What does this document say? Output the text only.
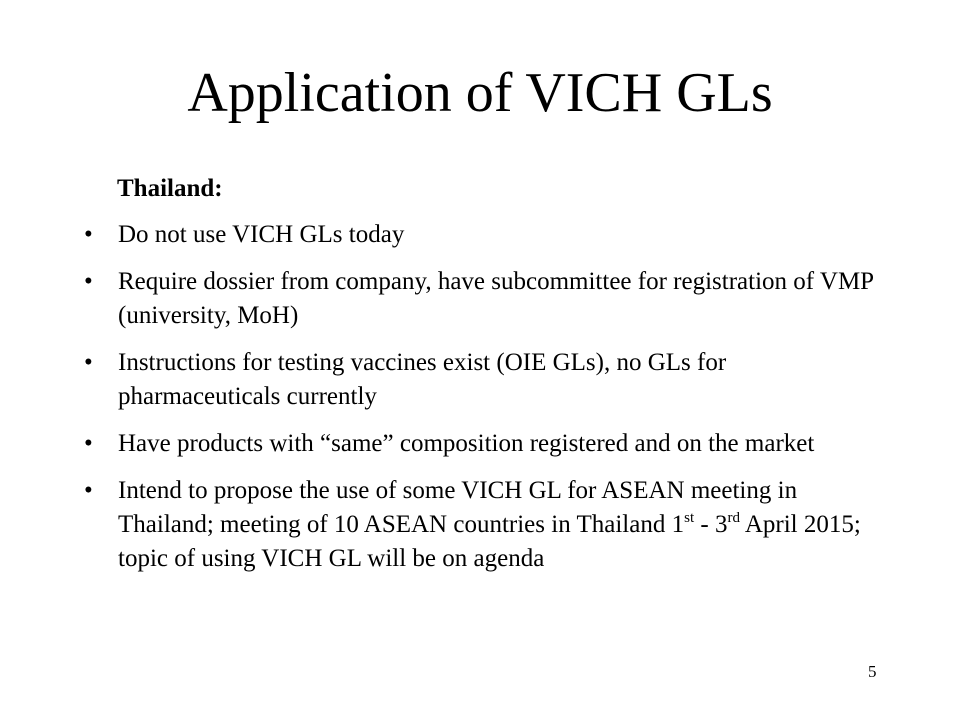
Application of VICH GLs
Thailand:
• Do not use VICH GLs today
• Require dossier from company, have subcommittee for registration of VMP (university, MoH)
• Instructions for testing vaccines exist (OIE GLs), no GLs for pharmaceuticals currently
• Have products with “same” composition registered and on the market
• Intend to propose the use of some VICH GL for ASEAN meeting in Thailand; meeting of 10 ASEAN countries in Thailand 1st - 3rd April 2015; topic of using VICH GL will be on agenda
5
